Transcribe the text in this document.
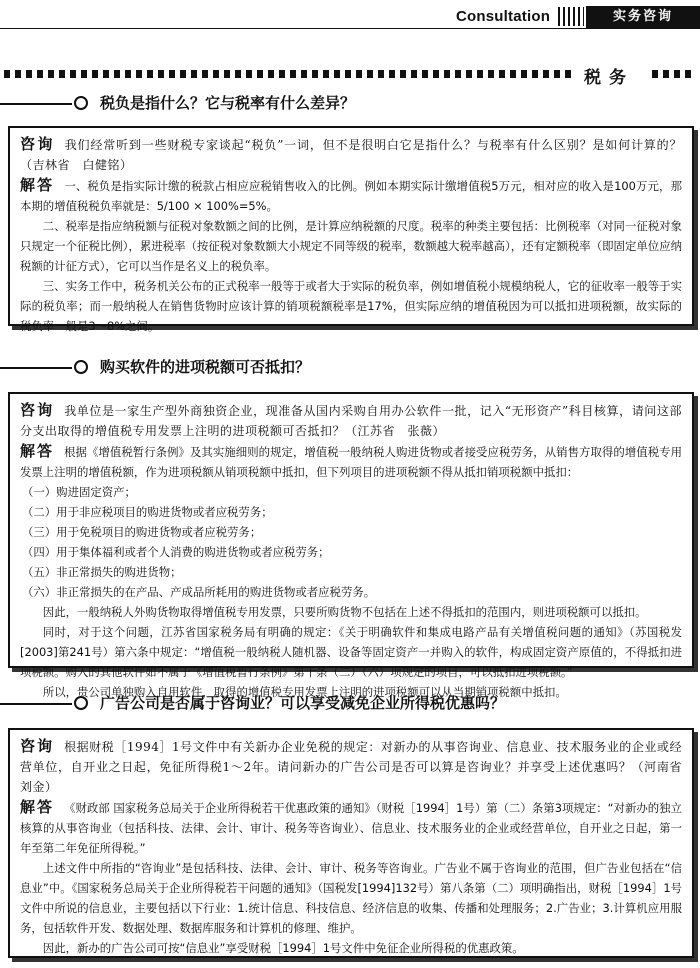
Consultation	实务咨询
税务
税负是指什么？它与税率有什么差异？

咨询 我们经常听到一些财税专家谈起“税负”一词，但不是很明白它是指什么？与税率有什么区别？是如何计算的？（吉林省　白健铭）

解答 一、税负是指实际计缴的税款占相应应税销售收入的比例。例如本期实际计缴增值税5万元，相对应的收入是100万元，那本期的增值税税负率就是：5/100 × 100%=5%。

二、税率是指应纳税额与征税对象数额之间的比例，是计算应纳税额的尺度。税率的种类主要包括：比例税率（对同一征税对象只规定一个征税比例），累进税率（按征税对象数额大小规定不同等级的税率，数额越大税率越高），还有定额税率（即固定单位应纳税额的计征方式），它可以当作是名义上的税负率。

三、实务工作中，税务机关公布的正式税率一般等于或者大于实际的税负率，例如增值税小规模纳税人，它的征收率一般等于实际的税负率；而一般纳税人在销售货物时应该计算的销项税额税率是17%，但实际应纳的增值税因为可以抵扣进项税额，故实际的税负率一般是3～8%之间。

购买软件的进项税额可否抵扣？

咨询 我单位是一家生产型外商独资企业，现准备从国内采购自用办公软件一批，记入“无形资产”科目核算，请问这部分支出取得的增值税专用发票上注明的进项税额可否抵扣？（江苏省　张薇）

解答 根据《增值税暂行条例》及其实施细则的规定，增值税一般纳税人购进货物或者接受应税劳务，从销售方取得的增值税专用发票上注明的增值税额，作为进项税额从销项税额中抵扣，但下列项目的进项税额不得从抵扣销项税额中抵扣：

（一）购进固定资产；

（二）用于非应税项目的购进货物或者应税劳务；

（三）用于免税项目的购进货物或者应税劳务；

（四）用于集体福利或者个人消费的购进货物或者应税劳务；

（五）非正常损失的购进货物；

（六）非正常损失的在产品、产成品所耗用的购进货物或者应税劳务。

因此，一般纳税人外购货物取得增值税专用发票，只要所购货物不包括在上述不得抵扣的范围内，则进项税额可以抵扣。

同时，对于这个问题，江苏省国家税务局有明确的规定：《关于明确软件和集成电路产品有关增值税问题的通知》（苏国税发[2003]第241号）第六条中规定：“增值税一般纳税人随机器、设备等固定资产一并购入的软件，构成固定资产原值的，不得抵扣进项税额。购入的其他软件如不属于《增值税暂行条例》第十条（二）（六）项规定的项目，可以抵扣进项税额。”

所以，贵公司单独购入自用软件，取得的增值税专用发票上注明的进项税额可以从当期销项税额中抵扣。

广告公司是否属于咨询业？可以享受减免企业所得税优惠吗？

咨询 根据财税［1994］1号文件中有关新办企业免税的规定：对新办的从事咨询业、信息业、技术服务业的企业或经营单位，自开业之日起，免征所得税1～2年。请问新办的广告公司是否可以算是咨询业？并享受上述优惠吗？（河南省　刘金）

解答 《财政部 国家税务总局关于企业所得税若干优惠政策的通知》（财税［1994］1号）第（二）条第3项规定：“对新办的独立核算的从事咨询业（包括科技、法律、会计、审计、税务等咨询业）、信息业、技术服务业的企业或经营单位，自开业之日起，第一年至第二年免征所得税。”

上述文件中所指的“咨询业”是包括科技、法律、会计、审计、税务等咨询业。广告业不属于咨询业的范围，但广告业包括在“信息业”中。《国家税务总局关于企业所得税若干问题的通知》（国税发[1994]132号）第八条第（二）项明确指出，财税［1994］1号文件中所说的信息业，主要包括以下行业：1.统计信息、科技信息、经济信息的收集、传播和处理服务；2.广告业；3.计算机应用服务，包括软件开发、数据处理、数据库服务和计算机的修理、维护。

因此，新办的广告公司可按“信息业”享受财税［1994］1号文件中免征企业所得税的优惠政策。
